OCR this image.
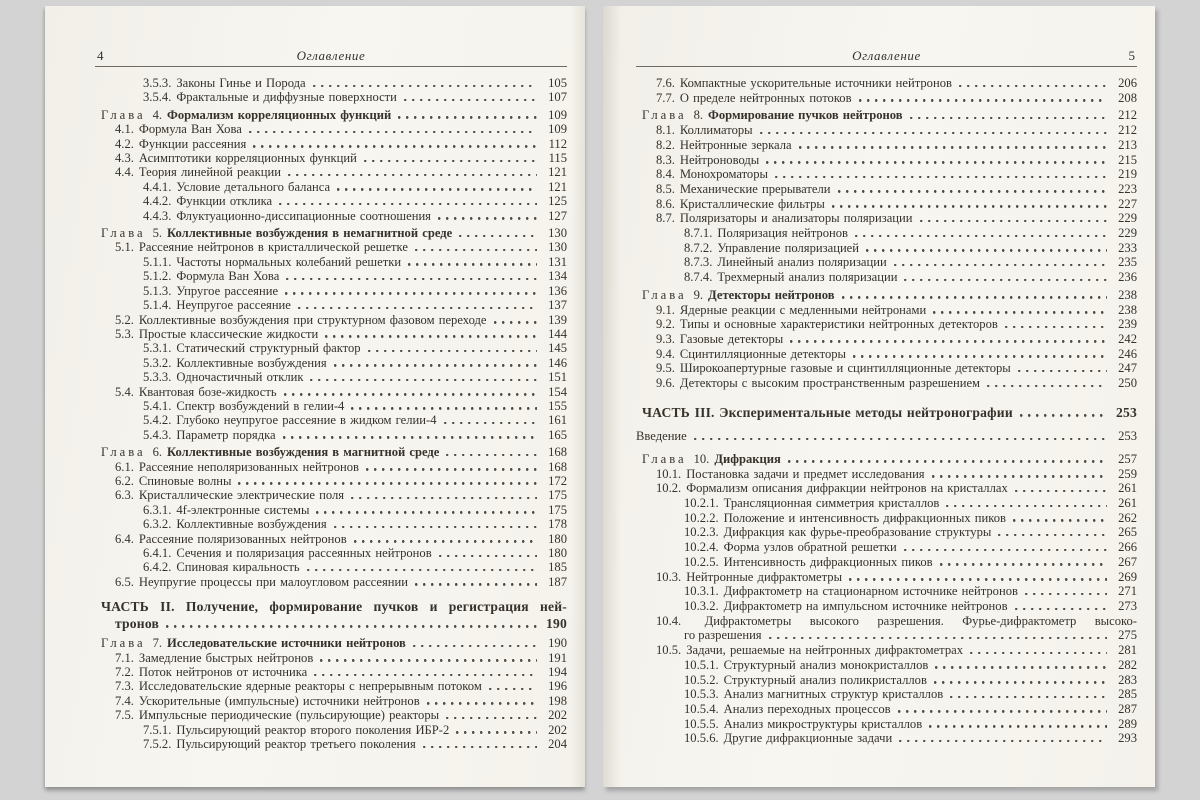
4	Оглавление
3.5.3. Законы Гинье и Порода	105
3.5.4. Фрактальные и диффузные поверхности	107
Глава 4. Формализм корреляционных функций	109
4.1. Формула Ван Хова	109
4.2. Функции рассеяния	112
4.3. Асимптотики корреляционных функций	115
4.4. Теория линейной реакции	121
4.4.1. Условие детального баланса	121
4.4.2. Функции отклика	125
4.4.3. Флуктуационно-диссипационные соотношения	127
Глава 5. Коллективные возбуждения в немагнитной среде	130
5.1. Рассеяние нейтронов в кристаллической решетке	130
5.1.1. Частоты нормальных колебаний решетки	131
5.1.2. Формула Ван Хова	134
5.1.3. Упругое рассеяние	136
5.1.4. Неупругое рассеяние	137
5.2. Коллективные возбуждения при структурном фазовом переходе	139
5.3. Простые классические жидкости	144
5.3.1. Статический структурный фактор	145
5.3.2. Коллективные возбуждения	146
5.3.3. Одночастичный отклик	151
5.4. Квантовая бозе-жидкость	154
5.4.1. Спектр возбуждений в гелии-4	155
5.4.2. Глубоко неупругое рассеяние в жидком гелии-4	161
5.4.3. Параметр порядка	165
Глава 6. Коллективные возбуждения в магнитной среде	168
6.1. Рассеяние неполяризованных нейтронов	168
6.2. Спиновые волны	172
6.3. Кристаллические электрические поля	175
6.3.1. 4f-электронные системы	175
6.3.2. Коллективные возбуждения	178
6.4. Рассеяние поляризованных нейтронов	180
6.4.1. Сечения и поляризация рассеянных нейтронов	180
6.4.2. Спиновая киральность	185
6.5. Неупругие процессы при малоугловом рассеянии	187
ЧАСТЬ II. Получение, формирование пучков и регистрация ней-
тронов	190
Глава 7. Исследовательские источники нейтронов	190
7.1. Замедление быстрых нейтронов	191
7.2. Поток нейтронов от источника	194
7.3. Исследовательские ядерные реакторы с непрерывным потоком	196
7.4. Ускорительные (импульсные) источники нейтронов	198
7.5. Импульсные периодические (пульсирующие) реакторы	202
7.5.1. Пульсирующий реактор второго поколения ИБР-2	202
7.5.2. Пульсирующий реактор третьего поколения	204
Оглавление	5
7.6. Компактные ускорительные источники нейтронов	206
7.7. О пределе нейтронных потоков	208
Глава 8. Формирование пучков нейтронов	212
8.1. Коллиматоры	212
8.2. Нейтронные зеркала	213
8.3. Нейтроноводы	215
8.4. Монохроматоры	219
8.5. Механические прерыватели	223
8.6. Кристаллические фильтры	227
8.7. Поляризаторы и анализаторы поляризации	229
8.7.1. Поляризация нейтронов	229
8.7.2. Управление поляризацией	233
8.7.3. Линейный анализ поляризации	235
8.7.4. Трехмерный анализ поляризации	236
Глава 9. Детекторы нейтронов	238
9.1. Ядерные реакции с медленными нейтронами	238
9.2. Типы и основные характеристики нейтронных детекторов	239
9.3. Газовые детекторы	242
9.4. Сцинтилляционные детекторы	246
9.5. Широкоапертурные газовые и сцинтилляционные детекторы	247
9.6. Детекторы с высоким пространственным разрешением	250
ЧАСТЬ III. Экспериментальные методы нейтронографии	253
Введение	253
Глава 10. Дифракция	257
10.1. Постановка задачи и предмет исследования	259
10.2. Формализм описания дифракции нейтронов на кристаллах	261
10.2.1. Трансляционная симметрия кристаллов	261
10.2.2. Положение и интенсивность дифракционных пиков	262
10.2.3. Дифракция как фурье-преобразование структуры	265
10.2.4. Форма узлов обратной решетки	266
10.2.5. Интенсивность дифракционных пиков	267
10.3. Нейтронные дифрактометры	269
10.3.1. Дифрактометр на стационарном источнике нейтронов	271
10.3.2. Дифрактометр на импульсном источнике нейтронов	273
10.4. Дифрактометры высокого разрешения. Фурье-дифрактометр высоко-
го разрешения	275
10.5. Задачи, решаемые на нейтронных дифрактометрах	281
10.5.1. Структурный анализ монокристаллов	282
10.5.2. Структурный анализ поликристаллов	283
10.5.3. Анализ магнитных структур кристаллов	285
10.5.4. Анализ переходных процессов	287
10.5.5. Анализ микроструктуры кристаллов	289
10.5.6. Другие дифракционные задачи	293
